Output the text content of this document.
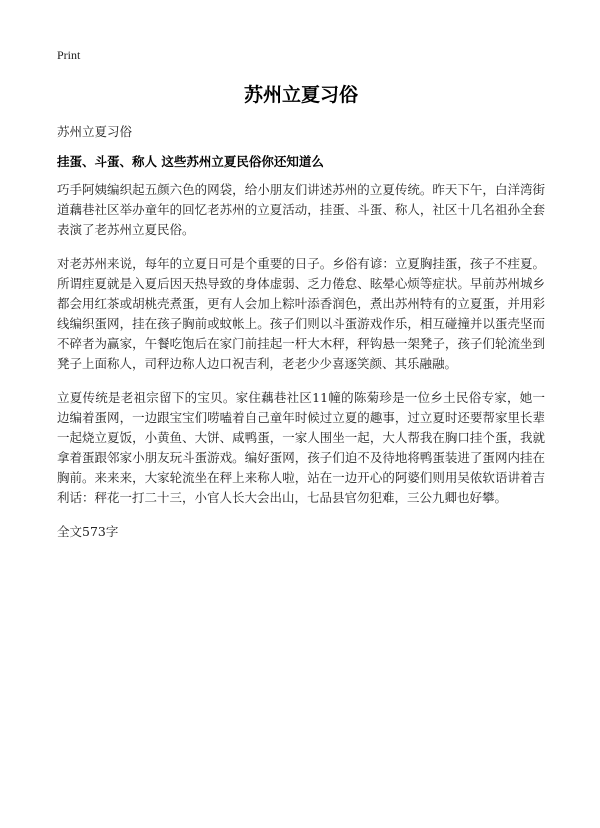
Print
苏州立夏习俗
苏州立夏习俗
挂蛋、斗蛋、称人 这些苏州立夏民俗你还知道么
巧手阿姨编织起五颜六色的网袋，给小朋友们讲述苏州的立夏传统。昨天下午，白洋湾街道藕巷社区举办童年的回忆老苏州的立夏活动，挂蛋、斗蛋、称人，社区十几名祖孙全套表演了老苏州立夏民俗。
对老苏州来说，每年的立夏日可是个重要的日子。乡俗有谚：立夏胸挂蛋，孩子不疰夏。所谓疰夏就是入夏后因天热导致的身体虚弱、乏力倦怠、眩晕心烦等症状。早前苏州城乡都会用红茶或胡桃壳煮蛋，更有人会加上粽叶添香润色，煮出苏州特有的立夏蛋，并用彩线编织蛋网，挂在孩子胸前或蚊帐上。孩子们则以斗蛋游戏作乐，相互碰撞并以蛋壳坚而不碎者为赢家，午餐吃饱后在家门前挂起一杆大木秤，秤钩悬一架凳子，孩子们轮流坐到凳子上面称人，司秤边称人边口祝吉利，老老少少喜逐笑颜、其乐融融。
立夏传统是老祖宗留下的宝贝。家住藕巷社区11幢的陈菊珍是一位乡土民俗专家，她一边编着蛋网，一边跟宝宝们唠嗑着自己童年时候过立夏的趣事，过立夏时还要帮家里长辈一起烧立夏饭，小黄鱼、大饼、咸鸭蛋，一家人围坐一起，大人帮我在胸口挂个蛋，我就拿着蛋跟邻家小朋友玩斗蛋游戏。编好蛋网，孩子们迫不及待地将鸭蛋装进了蛋网内挂在胸前。来来来，大家轮流坐在秤上来称人啦，站在一边开心的阿婆们则用吴侬软语讲着吉利话：秤花一打二十三，小官人长大会出山，七品县官勿犯难，三公九卿也好攀。
全文573字
